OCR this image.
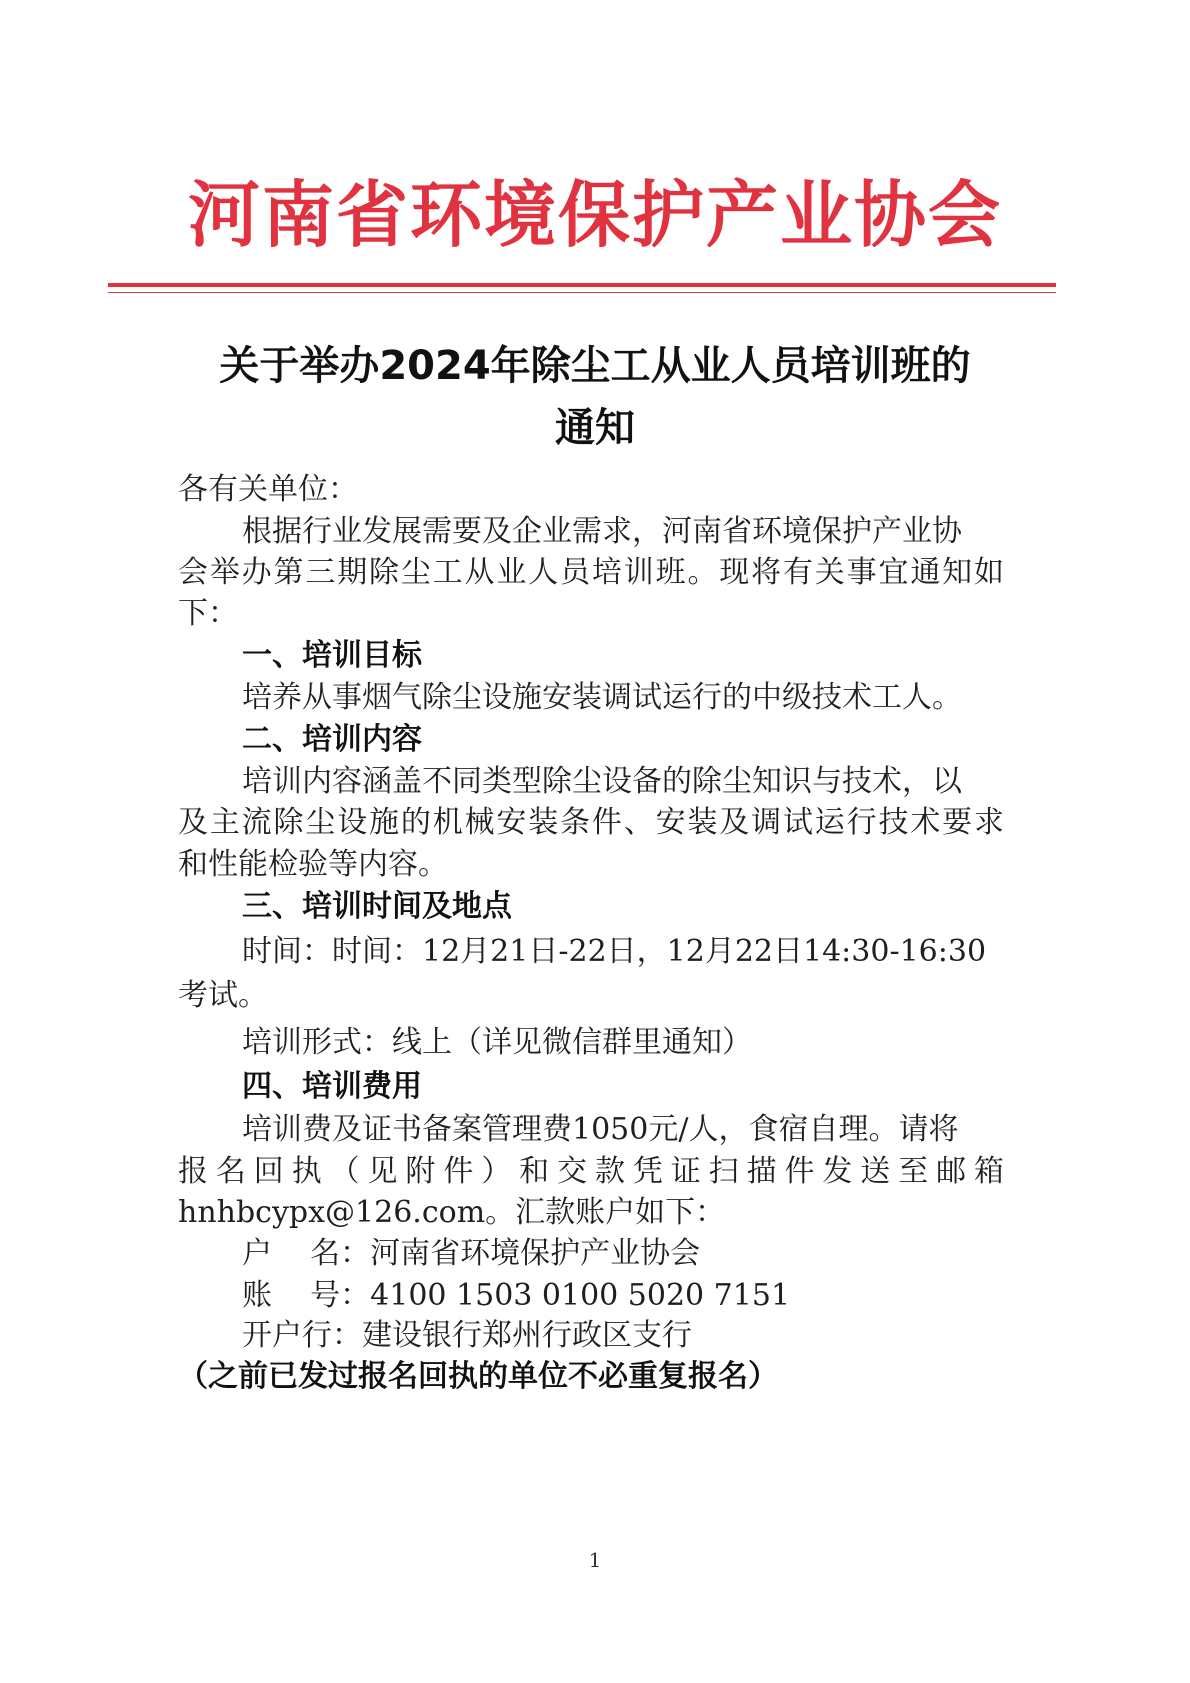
河南省环境保护产业协会
关于举办2024年除尘工从业人员培训班的
通知
各有关单位：
根据行业发展需要及企业需求，河南省环境保护产业协
会举办第三期除尘工从业人员培训班。现将有关事宜通知如
下：
一、培训目标
培养从事烟气除尘设施安装调试运行的中级技术工人。
二、培训内容
培训内容涵盖不同类型除尘设备的除尘知识与技术，以
及主流除尘设施的机械安装条件、安装及调试运行技术要求
和性能检验等内容。
三、培训时间及地点
时间：时间：12月21日-22日，12月22日14:30-16:30
考试。
培训形式：线上（详见微信群里通知）
四、培训费用
培训费及证书备案管理费1050元/人，食宿自理。请将
报名回执（见附件）和交款凭证扫描件发送至邮箱
hnhbcypx@126.com。汇款账户如下：
户    名：河南省环境保护产业协会
账    号：4100 1503 0100 5020 7151
开户行：建设银行郑州行政区支行
（之前已发过报名回执的单位不必重复报名）
1
